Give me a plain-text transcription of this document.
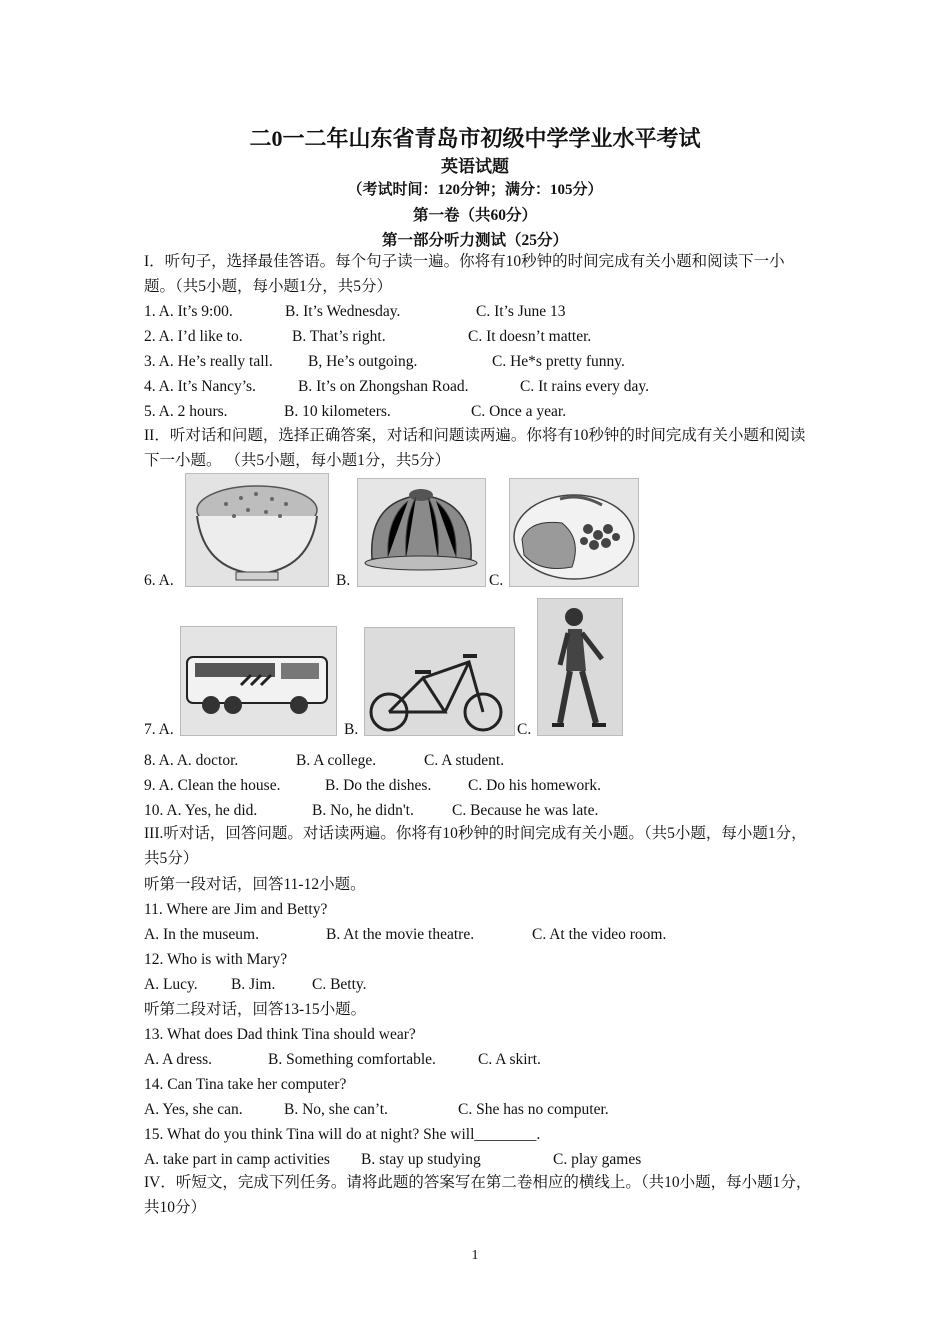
二0一二年山东省青岛市初级中学学业水平考试
英语试题
（考试时间：120分钟；满分：105分）
第一卷（共60分）
第一部分听力测试（25分）
I．听句子，选择最佳答语。每个句子读一遍。你将有10秒钟的时间完成有关小题和阅读下一小题。（共5小题，每小题1分，共5分）
1. A. It’s 9:00.	B. It’s Wednesday.	C. It’s June 13
2. A. I’d like to.	B. That’s right.	C. It doesn’t matter.
3. A. He’s really tall. B, He’s outgoing.	C. He*s pretty funny.
4. A. It’s Nancy’s.	B. It’s on Zhongshan Road.	C. It rains every day.
5. A. 2 hours.	B. 10 kilometers.	C. Once a year.
II．听对话和问题，选择正确答案，对话和问题读两遍。你将有10秒钟的时间完成有关小题和阅读下一小题。 （共5小题，每小题1分，共5分）
6. A.	B.	C.
7. A.	B.	C.
8. A. A. doctor.	B. A college.	C. A student.
9. A. Clean the house.	B. Do the dishes. C. Do his homework.
10. A. Yes, he did.	B. No, he didn't. C. Because he was late.
III.听对话，回答问题。对话读两遍。你将有10秒钟的时间完成有关小题。（共5小题，每小题1分，共5分）
听第一段对话，回答11-12小题。
11. Where are Jim and Betty?
A. In the museum.	B. At the movie theatre.	C. At the video room.
12. Who is with Mary?
A. Lucy. B. Jim. C. Betty.
听第二段对话，回答13-15小题。
13. What does Dad think Tina should wear?
A. A dress.	B. Something comfortable.	C. A skirt.
14. Can Tina take her computer?
A. Yes, she can.	B. No, she can’t.	C. She has no computer.
15. What do you think Tina will do at night? She will________.
A. take part in camp activities B. stay up studying	C. play games
IV．听短文，完成下列任务。请将此题的答案写在第二卷相应的横线上。（共10小题，每小题1分，共10分）
1
